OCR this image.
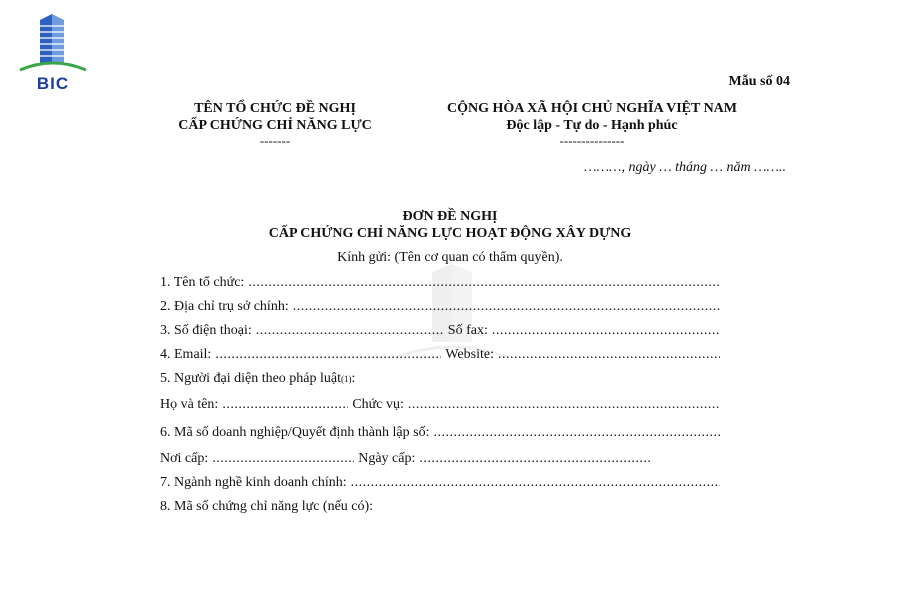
BIC	Mẫu số 04
TÊN TỔ CHỨC ĐỀ NGHỊ
CẤP CHỨNG CHỈ NĂNG LỰC
-------
CỘNG HÒA XÃ HỘI CHỦ NGHĨA VIỆT NAM
Độc lập - Tự do - Hạnh phúc
---------------
………, ngày … tháng … năm ……..
ĐƠN ĐỀ NGHỊ
CẤP CHỨNG CHỈ NĂNG LỰC HOẠT ĐỘNG XÂY DỰNG
Kính gửi: (Tên cơ quan có thẩm quyền).
1. Tên tổ chức:
.....
2. Địa chỉ trụ sở chính:
.....
3. Số điện thoại: .....	Số fax:
.....
4. Email: .....	Website:
.....
5. Người đại diện theo pháp luật (1) :
Họ và tên: .....	Chức vụ:
.....
6. Mã số doanh nghiệp/Quyết định thành lập số:
.....
Nơi cấp: .....	Ngày cấp:
.....
7. Ngành nghề kinh doanh chính:
.....
8. Mã số chứng chỉ năng lực (nếu có):
